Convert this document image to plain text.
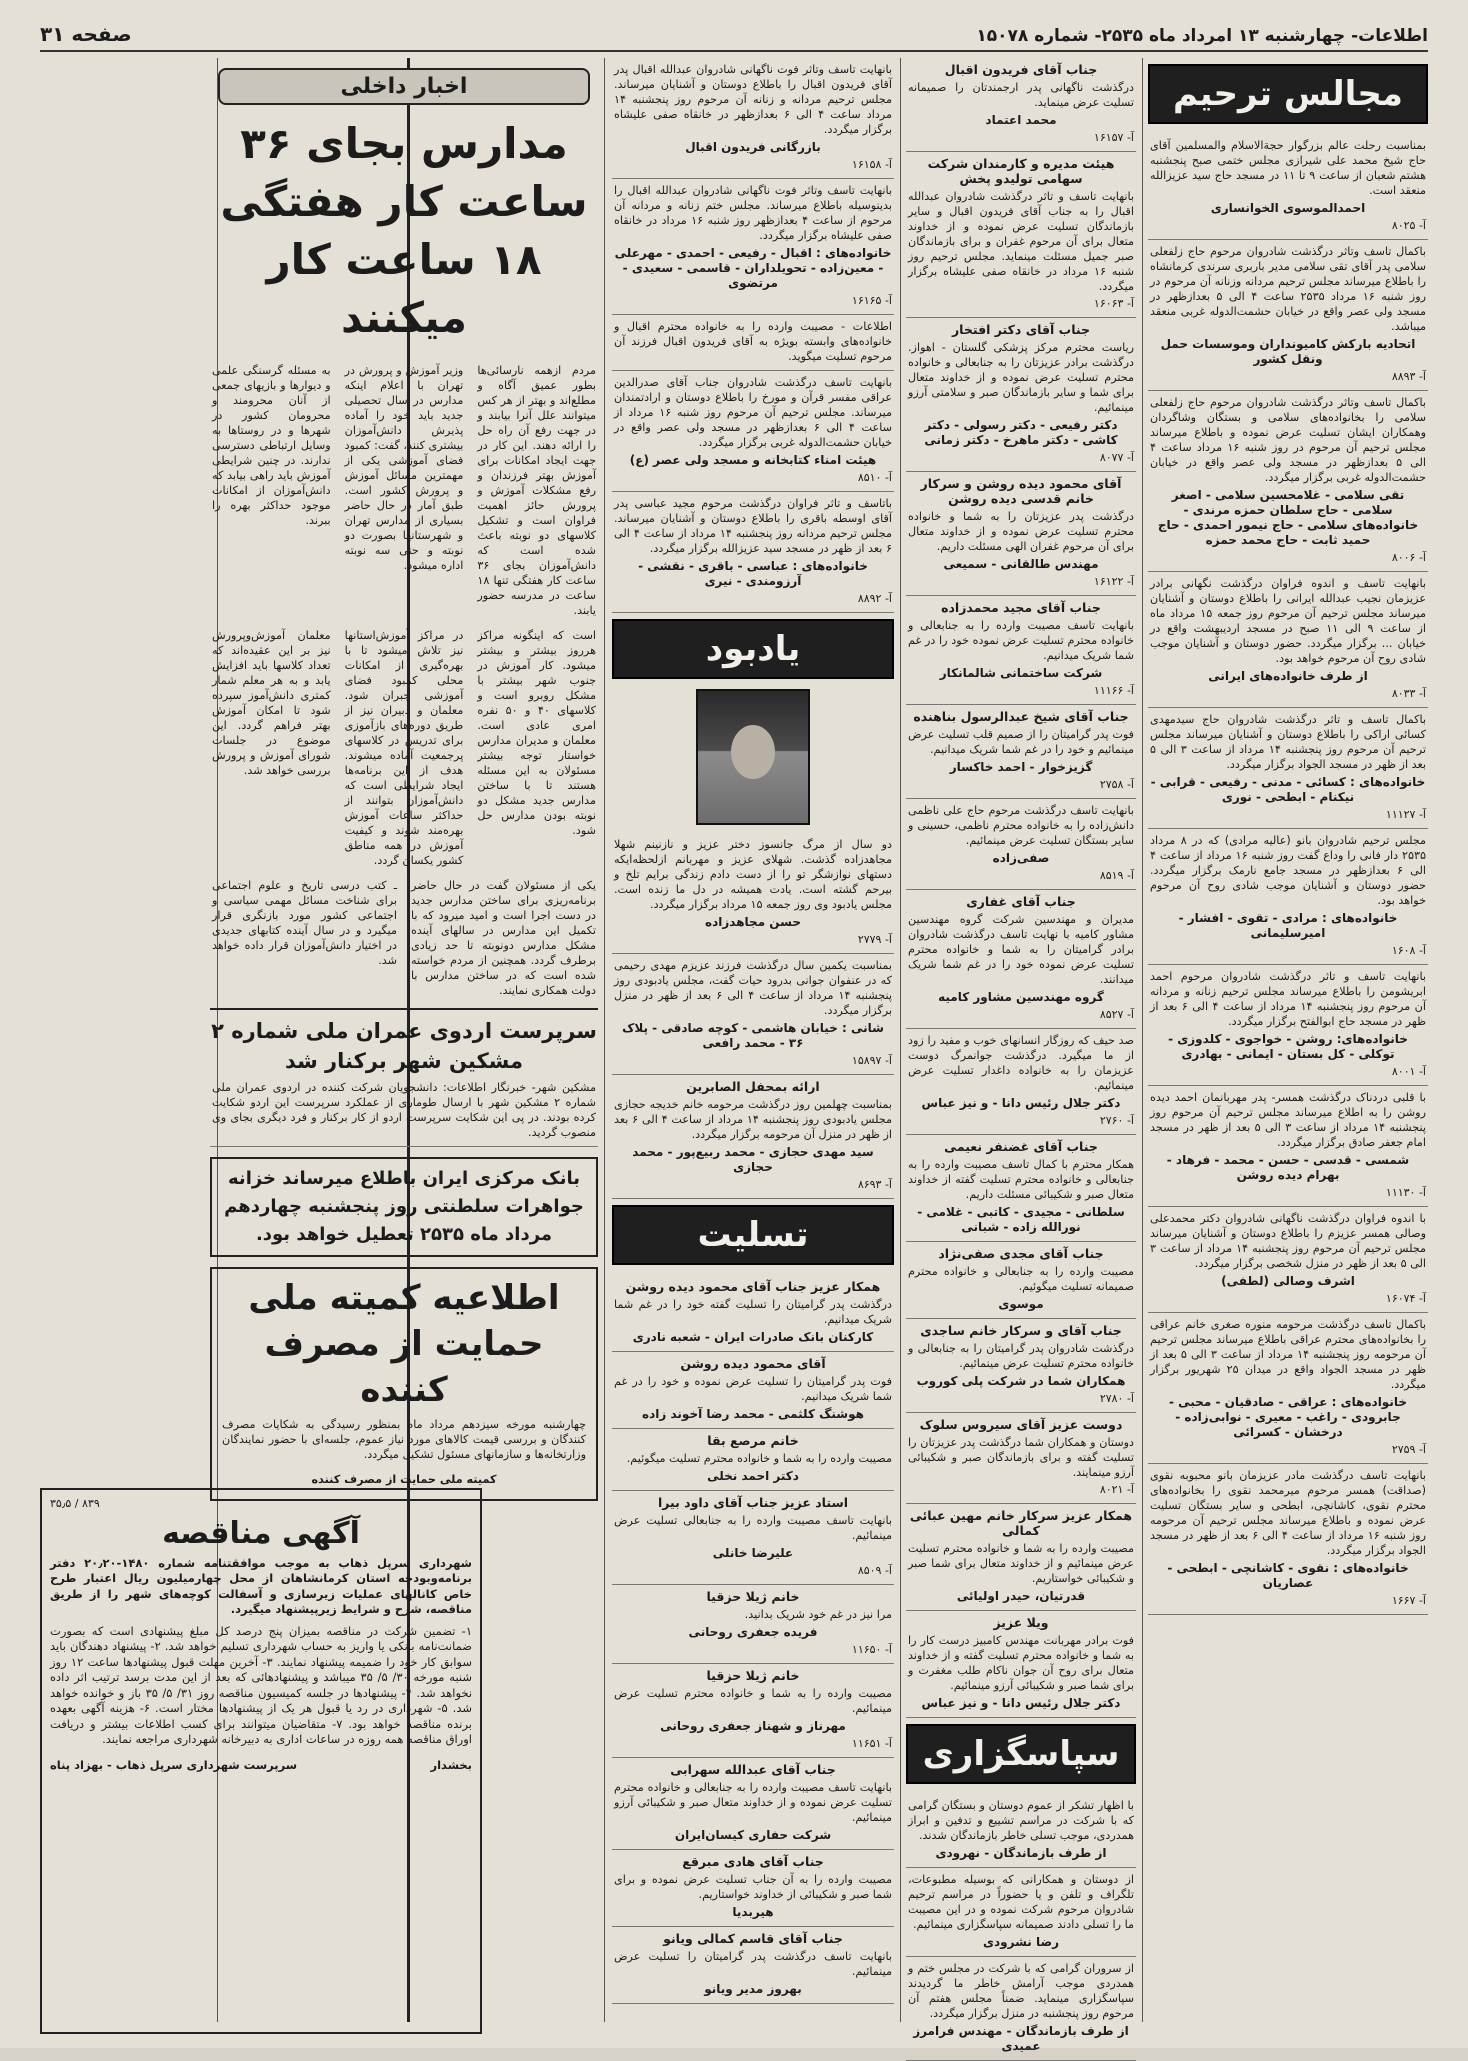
اطلاعات- چهارشنبه ۱۳ امرداد ماه ۲۵۳۵- شماره ۱۵۰۷۸
صفحه ۳۱
مجالس ترحیم
بمناسبت رحلت عالم بزرگوار حجةالاسلام والمسلمین آقای حاج شیخ محمد علی شیرازی مجلس ختمی صبح پنجشنبه هشتم شعبان از ساعت ۹ تا ۱۱ در مسجد حاج سید عزیزالله منعقد است.
احمدالموسوی الخوانساری
آ- ۸۰۲۵
باکمال تاسف وتاثر درگذشت شادروان مرحوم حاج زلفعلی سلامی پدر آقای تقی سلامی مدیر باربری سرندی کرمانشاه را باطلاع میرساند مجلس ترحیم مردانه وزنانه آن مرحوم در روز شنبه ۱۶ مرداد ۲۵۳۵ ساعت ۴ الی ۵ بعدازظهر در مسجد ولی عصر واقع در خیابان حشمت‌الدوله غربی منعقد میباشد.
اتحادیه بارکش کامیونداران وموسسات حمل ونقل کشور
آ- ۸۸۹۳
باکمال تاسف وتاثر درگذشت شادروان مرحوم حاج زلفعلی سلامی را بخانواده‌های سلامی و بستگان وشاگردان وهمکاران ایشان تسلیت عرض نموده و باطلاع میرساند مجلس ترحیم آن مرحوم در روز شنبه ۱۶ مرداد ساعت ۴ الی ۵ بعدازظهر در مسجد ولی عصر واقع در خیابان حشمت‌الدوله غربی برگزار میگردد.
تقی سلامی - غلامحسین سلامی - اصغر سلامی - حاج سلطان حمزه مرندی - خانواده‌های سلامی - حاج نیمور احمدی - حاج حمید ثابت - حاج محمد حمزه
آ- ۸۰۰۶
بانهایت تاسف و اندوه فراوان درگذشت نگهانی برادر عزیزمان نجیب عبدالله ایرانی را باطلاع دوستان و آشنایان میرساند مجلس ترحیم آن مرحوم روز جمعه ۱۵ مرداد ماه از ساعت ۹ الی ۱۱ صبح در مسجد اردیبهشت واقع در خیابان ... برگزار میگردد. حضور دوستان و آشنایان موجب شادی روح آن مرحوم خواهد بود.
از طرف خانواده‌های ایرانی
آ- ۸۰۳۳
باکمال تاسف و تاثر درگذشت شادروان حاج سیدمهدی کسائی اراکی را باطلاع دوستان و آشنایان میرساند مجلس ترحیم آن مرحوم روز پنجشنبه ۱۴ مرداد از ساعت ۳ الی ۵ بعد از ظهر در مسجد الجواد برگزار میگردد.
خانواده‌های : کسائی - مدنی - رفیعی - قرابی - نیکنام - ابطحی - نوری
آ- ۱۱۱۲۷
مجلس ترحیم شادروان بانو (عالیه مرادی) که در ۸ مرداد ۲۵۳۵ دار فانی را وداع گفت روز شنبه ۱۶ مرداد از ساعت ۴ الی ۶ بعدازظهر در مسجد جامع نارمک برگزار میگردد. حضور دوستان و آشنایان موجب شادی روح آن مرحوم خواهد بود.
خانواده‌های : مرادی - تقوی - افشار - امیرسلیمانی
آ- ۱۶۰۸
بانهایت تاسف و تاثر درگذشت شادروان مرحوم احمد ابریشومن را باطلاع میرساند مجلس ترحیم زنانه و مردانه آن مرحوم روز پنجشنبه ۱۴ مرداد از ساعت ۴ الی ۶ بعد از ظهر در مسجد حاج ابوالفتح برگزار میگردد.
خانواده‌های: روشن - خواجوی - کلدوزی - توکلی - کل بستان - ایمانی - بهادری
آ- ۸۰۰۱
با قلبی دردناک درگذشت همسر- پدر مهربانمان احمد دیده روشن را به اطلاع میرساند مجلس ترحیم آن مرحوم روز پنجشنبه ۱۴ مرداد از ساعت ۳ الی ۵ بعد از ظهر در مسجد امام جعفر صادق برگزار میگردد.
شمسی - قدسی - حسن - محمد - فرهاد - بهرام دیده روشن
آ- ۱۱۱۳۰
با اندوه فراوان درگذشت ناگهانی شادروان دکتر محمدعلی وصالی همسر عزیزم را باطلاع دوستان و آشنایان میرساند مجلس ترحیم آن مرحوم روز پنجشنبه ۱۴ مرداد از ساعت ۳ الی ۵ بعد از ظهر در منزل شخصی برگزار میگردد.
اشرف وصالی (لطفی)
آ- ۱۶۰۷۴
باکمال تاسف درگذشت مرحومه منوره صغری خانم عراقی را بخانواده‌های محترم عراقی باطلاع میرساند مجلس ترحیم آن مرحومه روز پنجشنبه ۱۴ مرداد از ساعت ۳ الی ۵ بعد از ظهر در مسجد الجواد واقع در میدان ۲۵ شهریور برگزار میگردد.
خانواده‌های : عراقی - صادقیان - محبی - جابرودی - راغب - معیری - نوابی‌زاده - درخشان - کسرائی
آ- ۲۷۵۹
بانهایت تاسف درگذشت مادر عزیزمان بانو محبوبه نقوی (صداقت) همسر مرحوم میرمحمد نقوی را بخانواده‌های محترم نقوی، کاشانچی، ابطحی و سایر بستگان تسلیت عرض نموده و باطلاع میرساند مجلس ترحیم آن مرحومه روز شنبه ۱۶ مرداد از ساعت ۴ الی ۶ بعد از ظهر در مسجد الجواد برگزار میگردد.
خانواده‌های : نقوی - کاشانچی - ابطحی - عصاریان
آ- ۱۶۶۷
جناب آقای فریدون اقبال
درگذشت ناگهانی پدر ارجمندتان را صمیمانه تسلیت عرض مینماید.
محمد اعتماد
آ- ۱۶۱۵۷
هیئت مدیره و کارمندان شرکت سهامی تولیدو پخش
بانهایت تاسف و تاثر درگذشت شادروان عبدالله اقبال را به جناب آقای فریدون اقبال و سایر بازماندگان تسلیت عرض نموده و از خداوند متعال برای آن مرحوم غفران و برای بازماندگان صبر جمیل مسئلت مینماید. مجلس ترحیم روز شنبه ۱۶ مرداد در خانقاه صفی علیشاه برگزار میگردد.
آ- ۱۶۰۶۳
جناب آقای دکتر افتخار
ریاست محترم مرکز پزشکی گلستان - اهواز. درگذشت برادر عزیزتان را به جنابعالی و خانواده محترم تسلیت عرض نموده و از خداوند متعال برای شما و سایر بازماندگان صبر و سلامتی آرزو مینمائیم.
دکتر رفیعی - دکتر رسولی - دکتر کاشی - دکتر ماهرخ - دکتر زمانی
آ- ۸۰۷۷
آقای محمود دیده روشن و سرکار خانم قدسی دیده روشن
درگذشت پدر عزیزتان را به شما و خانواده محترم تسلیت عرض نموده و از خداوند متعال برای آن مرحوم غفران الهی مسئلت داریم.
مهندس طالقانی - سمیعی
آ- ۱۶۱۲۲
جناب آقای مجید محمدزاده
بانهایت تاسف مصیبت وارده را به جنابعالی و خانواده محترم تسلیت عرض نموده خود را در غم شما شریک میدانیم.
شرکت ساختمانی شالمانکار
آ- ۱۱۱۶۶
جناب آقای شیخ عبدالرسول بناهنده
فوت پدر گرامیتان را از صمیم قلب تسلیت عرض مینمائیم و خود را در غم شما شریک میدانیم.
گزیزخوار - احمد خاکسار
آ- ۲۷۵۸
بانهایت تاسف درگذشت مرحوم حاج علی ناظمی دانش‌زاده را به خانواده محترم ناظمی، حسینی و سایر بستگان تسلیت عرض مینمائیم.
صفی‌زاده
آ- ۸۵۱۹
جناب آقای غفاری
مدیران و مهندسین شرکت گروه مهندسین مشاور کامیه با نهایت تاسف درگذشت شادروان برادر گرامیتان را به شما و خانواده محترم تسلیت عرض نموده خود را در غم شما شریک میدانند.
گروه مهندسین مشاور کامیه
آ- ۸۵۲۷
صد حیف که روزگار انسانهای خوب و مفید را زود از ما میگیرد. درگذشت جوانمرگ دوست عزیزمان را به خانواده داغدار تسلیت عرض مینمائیم.
دکتر جلال رئیس دانا - و نیز عباس
آ- ۲۷۶۰
جناب آقای غضنفر نعیمی
همکار محترم با کمال تاسف مصیبت وارده را به جنابعالی و خانواده محترم تسلیت گفته از خداوند متعال صبر و شکیبائی مسئلت داریم.
سلطانی - مجیدی - کاتبی - غلامی - نورالله زاده - شبانی
جناب آقای مجدی صفی‌نژاد
مصیبت وارده را به جنابعالی و خانواده محترم صمیمانه تسلیت میگوئیم.
موسوی
جناب آقای و سرکار خانم ساجدی
درگذشت شادروان پدر گرامیتان را به جنابعالی و خانواده محترم تسلیت عرض مینمائیم.
همکاران شما در شرکت پلی کوروب
آ- ۲۷۸۰
دوست عزیز آقای سیروس سلوک
دوستان و همکاران شما درگذشت پدر عزیزتان را تسلیت گفته و برای بازماندگان صبر و شکیبائی آرزو مینمایند.
آ- ۸۰۲۱
همکار عزیز سرکار خانم مهین عبائی کمالی
مصیبت وارده را به شما و خانواده محترم تسلیت عرض مینمائیم و از خداوند متعال برای شما صبر و شکیبائی خواستاریم.
قدرتیان، حیدر اولیائی
ویلا عزیز
فوت برادر مهربانت مهندس کامبیز درست کار را به شما و خانواده محترم تسلیت گفته و از خداوند متعال برای روح آن جوان ناکام طلب مغفرت و برای شما صبر و شکیبائی آرزو مینمائیم.
دکتر جلال رئیس دانا - و نیز عباس
سپاسگزاری
با اظهار تشکر از عموم دوستان و بستگان گرامی که با شرکت در مراسم تشییع و تدفین و ابراز همدردی، موجب تسلی خاطر بازماندگان شدند.
از طرف بازماندگان - نهرودی
از دوستان و همکارانی که بوسیله مطبوعات، تلگراف و تلفن و یا حضوراً در مراسم ترحیم شادروان مرحوم شرکت نموده و در این مصیبت ما را تسلی دادند صمیمانه سپاسگزاری مینمائیم.
رضا نشرودی
از سروران گرامی که با شرکت در مجلس ختم و همدردی موجب آرامش خاطر ما گردیدند سپاسگزاری مینماید. ضمناً مجلس هفتم آن مرحوم روز پنجشنبه در منزل برگزار میگردد.
از طرف بازماندگان - مهندس فرامرز عمیدی
بانهایت تاسف وتاثر فوت ناگهانی شادروان عبدالله اقبال پدر آقای فریدون اقبال را باطلاع دوستان و آشنایان میرساند. مجلس ترحیم مردانه و زنانه آن مرحوم روز پنجشنبه ۱۴ مرداد ساعت ۴ الی ۶ بعدازظهر در خانقاه صفی علیشاه برگزار میگردد.
بازرگانی فریدون اقبال
آ- ۱۶۱۵۸
بانهایت تاسف وتاثر فوت ناگهانی شادروان عبدالله اقبال را بدینوسیله باطلاع میرساند. مجلس ختم زنانه و مردانه آن مرحوم از ساعت ۴ بعدازظهر روز شنبه ۱۶ مرداد در خانقاه صفی علیشاه برگزار میگردد.
خانواده‌های : اقبال - رفیعی - احمدی - مهرعلی - معین‌زاده - تحویلداران - قاسمی - سعیدی - مرتضوی
آ- ۱۶۱۶۵
اطلاعات - مصیبت وارده را به خانواده محترم اقبال و خانواده‌های وابسته بویژه به آقای فریدون اقبال فرزند آن مرحوم تسلیت میگوید.
بانهایت تاسف درگذشت شادروان جناب آقای صدرالدین عراقی مفسر قرآن و مورخ را باطلاع دوستان و ارادتمندان میرساند. مجلس ترحیم آن مرحوم روز شنبه ۱۶ مرداد از ساعت ۴ الی ۶ بعدازظهر در مسجد ولی عصر واقع در خیابان حشمت‌الدوله غربی برگزار میگردد.
هیئت امناء کتابخانه و مسجد ولی عصر (ع)
آ- ۸۵۱۰
باتاسف و تاثر فراوان درگذشت مرحوم مجید عباسی پدر آقای اوسطه باقری را باطلاع دوستان و آشنایان میرساند. مجلس ترحیم مردانه روز پنجشنبه ۱۴ مرداد از ساعت ۴ الی ۶ بعد از ظهر در مسجد سید عزیزالله برگزار میگردد.
خانواده‌های : عباسی - باقری - نقشی - آرزومندی - نیری
آ- ۸۸۹۲
یادبود
دو سال از مرگ جانسوز دختر عزیز و نازنینم شهلا مجاهدزاده گذشت. شهلای عزیز و مهربانم ازلحظه‌ایکه دستهای نوازشگر تو را از دست دادم زندگی برایم تلخ و بیرحم گشته است. یادت همیشه در دل ما زنده است. مجلس یادبود وی روز جمعه ۱۵ مرداد برگزار میگردد.
حسن مجاهدزاده
آ- ۲۷۷۹
بمناسبت یکمین سال درگذشت فرزند عزیزم مهدی رحیمی که در عنفوان جوانی بدرود حیات گفت، مجلس یادبودی روز پنجشنبه ۱۴ مرداد از ساعت ۴ الی ۶ بعد از ظهر در منزل برگزار میگردد.
شانی : خیابان هاشمی - کوچه صادقی - پلاک ۳۶ - محمد رافعی
آ- ۱۵۸۹۷
ارائه بمحفل الصابرین
بمناسبت چهلمین روز درگذشت مرحومه خانم خدیجه حجازی مجلس یادبودی روز پنجشنبه ۱۴ مرداد از ساعت ۴ الی ۶ بعد از ظهر در منزل آن مرحومه برگزار میگردد.
سید مهدی حجازی - محمد ربیع‌پور - محمد حجازی
آ- ۸۶۹۳
تسلیت
همکار عزیز جناب آقای محمود دیده روشن
درگذشت پدر گرامیتان را تسلیت گفته خود را در غم شما شریک میدانیم.
کارکنان بانک صادرات ایران - شعبه نادری
آقای محمود دیده روشن
فوت پدر گرامیتان را تسلیت عرض نموده و خود را در غم شما شریک میدانیم.
هوشنگ کلثمی - محمد رضا آخوند زاده
خانم مرصع بقا
مصیبت وارده را به شما و خانواده محترم تسلیت میگوئیم.
دکتر احمد نخلی
استاد عزیز جناب آقای داود بیرا
بانهایت تاسف مصیبت وارده را به جنابعالی تسلیت عرض مینمائیم.
علیرضا خانلی
آ- ۸۵۰۹
خانم ژیلا حزقیا
مرا نیز در غم خود شریک بدانید.
فریده جعفری روحانی
آ- ۱۱۶۵۰
خانم ژیلا حزقیا
مصیبت وارده را به شما و خانواده محترم تسلیت عرض مینمائیم.
مهرناز و شهناز جعفری روحانی
آ- ۱۱۶۵۱
جناب آقای عبدالله سهرابی
بانهایت تاسف مصیبت وارده را به جنابعالی و خانواده محترم تسلیت عرض نموده و از خداوند متعال صبر و شکیبائی آرزو مینمائیم.
شرکت حفاری کیسان‌ایران
جناب آقای هادی مبرقع
مصیبت وارده را به آن جناب تسلیت عرض نموده و برای شما صبر و شکیبائی از خداوند خواستاریم.
هیربدیا
جناب آقای قاسم کمالی ویانو
بانهایت تاسف درگذشت پدر گرامیتان را تسلیت عرض مینمائیم.
بهروز مدیر ویانو
اخبار داخلی
مدارس بجای ۳۶ ساعت کار هفتگی ۱۸ ساعت کار میکنند
مردم ازهمه نارسائی‌ها بطور عمیق آگاه و مطلع‌اند و بهتر از هر کس میتوانند علل آنرا بیابند و در جهت رفع آن راه حل را ارائه دهند. این کار در جهت ایجاد امکانات برای آموزش بهتر فرزندان و رفع مشکلات آموزش و پرورش حائز اهمیت فراوان است و تشکیل کلاسهای دو نوبته باعث شده است که دانش‌آموزان بجای ۳۶ ساعت کار هفتگی تنها ۱۸ ساعت در مدرسه حضور یابند.
وزیر آموزش و پرورش در تهران با اعلام اینکه مدارس در سال تحصیلی جدید باید خود را آماده پذیرش دانش‌آموزان بیشتری کنند، گفت: کمبود فضای آموزشی یکی از مهمترین مسائل آموزش و پرورش کشور است. طبق آمار در حال حاضر بسیاری از مدارس تهران و شهرستانها بصورت دو نوبته و حتی سه نوبته اداره میشود.
به مسئله گرسنگی علمی و دیوارها و بازیهای جمعی از آنان محرومند و محرومان کشور در شهرها و در روستاها به وسایل ارتباطی دسترسی ندارند. در چنین شرایطی آموزش باید راهی بیابد که دانش‌آموزان از امکانات موجود حداکثر بهره را ببرند.
است که اینگونه مراکز هرروز بیشتر و بیشتر میشود. کار آموزش در جنوب شهر بیشتر با مشکل روبرو است و کلاسهای ۴۰ و ۵۰ نفره امری عادی است. معلمان و مدیران مدارس خواستار توجه بیشتر مسئولان به این مسئله هستند تا با ساختن مدارس جدید مشکل دو نوبته بودن مدارس حل شود.
در مراکز آموزش‌استانها نیز تلاش میشود تا با بهره‌گیری از امکانات محلی کمبود فضای آموزشی جبران شود. معلمان و دبیران نیز از طریق دوره‌های بازآموزی برای تدریس در کلاسهای پرجمعیت آماده میشوند. هدف از این برنامه‌ها ایجاد شرایطی است که دانش‌آموزان بتوانند از حداکثر ساعات آموزش بهره‌مند شوند و کیفیت آموزش در همه مناطق کشور یکسان گردد.
معلمان آموزش‌وپرورش نیز بر این عقیده‌اند که تعداد کلاسها باید افزایش یابد و به هر معلم شمار کمتری دانش‌آموز سپرده شود تا امکان آموزش بهتر فراهم گردد. این موضوع در جلسات شورای آموزش و پرورش بررسی خواهد شد.
یکی از مسئولان گفت در حال حاضر برنامه‌ریزی برای ساختن مدارس جدید در دست اجرا است و امید میرود که با تکمیل این مدارس در سالهای آینده مشکل مدارس دونوبته تا حد زیادی برطرف گردد. همچنین از مردم خواسته شده است که در ساختن مدارس با دولت همکاری نمایند.
ـ کتب درسی تاریخ و علوم اجتماعی برای شناخت مسائل مهمی سیاسی و اجتماعی کشور مورد بازنگری قرار میگیرد و در سال آینده کتابهای جدیدی در اختیار دانش‌آموزان قرار داده خواهد شد.
سرپرست اردوی عمران ملی شماره ۲ مشکین شهر برکنار شد
مشکین شهر- خبرنگار اطلاعات: دانشجویان شرکت کننده در اردوی عمران ملی شماره ۲ مشکین شهر با ارسال طوماری از عملکرد سرپرست این اردو شکایت کرده بودند. در پی این شکایت سرپرست اردو از کار برکنار و فرد دیگری بجای وی منصوب گردید.
بانک مرکزی ایران باطلاع میرساند خزانه جواهرات سلطنتی روز پنجشنبه چهاردهم مرداد ماه ۲۵۳۵ تعطیل خواهد بود.
اطلاعیه کمیته ملی حمایت از مصرف کننده
چهارشنبه مورخه سیزدهم مرداد ماه بمنظور رسیدگی به شکایات مصرف کنندگان و بررسی قیمت کالاهای مورد نیاز عموم، جلسه‌ای با حضور نمایندگان وزارتخانه‌ها و سازمانهای مسئول تشکیل میگردد.
کمیته ملی حمایت از مصرف کننده
۸۳۹ / ۳۵٫۵
آگهی مناقصه
شهرداری سرپل ذهاب به موجب موافقتنامه شماره ۱۴۸۰-۲۰٫۲۰ دفتر برنامه‌وبودجه استان کرمانشاهان از محل چهارمیلیون ریال اعتبار طرح خاص کانالهای عملیات زیرسازی و آسفالت کوچه‌های شهر را از طریق مناقصه، شرح و شرایط زیرپیشنهاد میگیرد.
۱- تضمین شرکت در مناقصه بمیزان پنج درصد کل مبلغ پیشنهادی است که بصورت ضمانت‌نامه بانکی یا واریز به حساب شهرداری تسلیم خواهد شد. ۲- پیشنهاد دهندگان باید سوابق کار خود را ضمیمه پیشنهاد نمایند. ۳- آخرین مهلت قبول پیشنهادها ساعت ۱۲ روز شنبه مورخه ۳۰/ ۵/ ۳۵ میباشد و پیشنهادهائی که بعد از این مدت برسد ترتیب اثر داده نخواهد شد. ۴- پیشنهادها در جلسه کمیسیون مناقصه روز ۳۱/ ۵/ ۳۵ باز و خوانده خواهد شد. ۵- شهرداری در رد یا قبول هر یک از پیشنهادها مختار است. ۶- هزینه آگهی بعهده برنده مناقصه خواهد بود. ۷- متقاضیان میتوانند برای کسب اطلاعات بیشتر و دریافت اوراق مناقصه همه روزه در ساعات اداری به دبیرخانه شهرداری مراجعه نمایند.
بخشدار
سرپرست شهرداری سرپل ذهاب - بهزاد پناه
